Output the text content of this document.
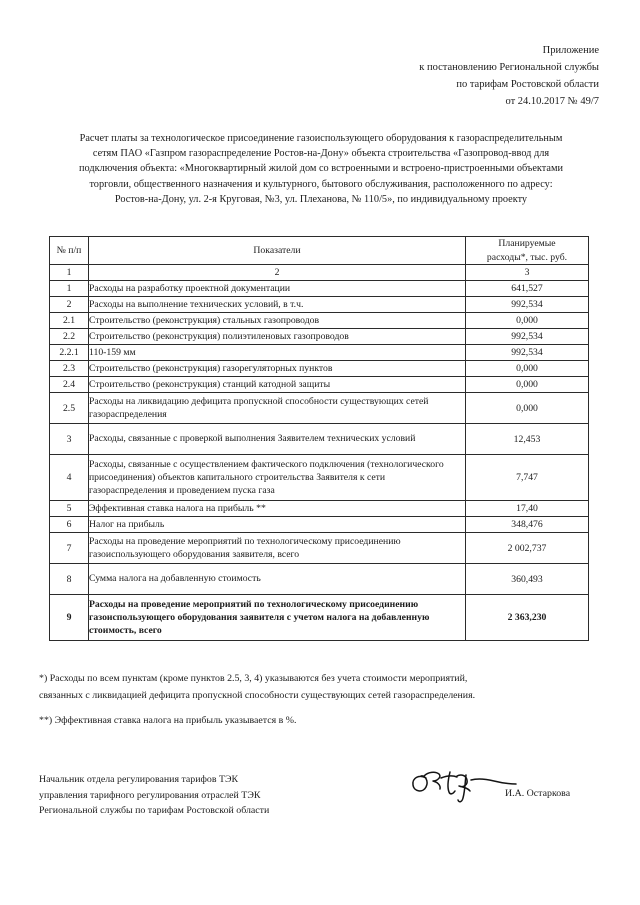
Приложение
к постановлению Региональной службы
по тарифам Ростовской области
от 24.10.2017 № 49/7

Расчет платы за технологическое присоединение газоиспользующего оборудования к газораспределительным

сетям ПАО «Газпром газораспределение Ростов-на-Дону» объекта строительства «Газопровод-ввод для

подключения объекта: «Многоквартирный жилой дом со встроенными и встроено-пристроенными объектами

торговли, общественного назначения и культурного, бытового обслуживания, расположенного по адресу:

Ростов-на-Дону, ул. 2-я Круговая, №3, ул. Плеханова, № 110/5», по индивидуальному проекту

№ п/п	Показатели	Планируемые
расходы*, тыс. руб.
1	2	3
1	Расходы на разработку проектной документации	641,527
2	Расходы на выполнение технических условий, в т.ч.	992,534
2.1	Строительство (реконструкция) стальных газопроводов	0,000
2.2	Строительство (реконструкция) полиэтиленовых газопроводов	992,534
2.2.1	110-159 мм	992,534
2.3	Строительство (реконструкция) газорегуляторных пунктов	0,000
2.4	Строительство (реконструкция) станций катодной защиты	0,000
2.5	Расходы на ликвидацию дефицита пропускной способности существующих сетей газораспределения	0,000
3	Расходы, связанные с проверкой выполнения Заявителем технических условий	12,453
4	Расходы, связанные с осуществлением фактического подключения (технологического присоединения) объектов капитального строительства Заявителя к сети газораспределения и проведением пуска газа	7,747
5	Эффективная ставка налога на прибыль **	17,40
6	Налог на прибыль	348,476
7	Расходы на проведение мероприятий по технологическому присоединению газоиспользующего оборудования заявителя, всего	2 002,737
8	Сумма налога на добавленную стоимость	360,493
9	Расходы на проведение мероприятий по технологическому присоединению газоиспользующего оборудования заявителя с учетом налога на добавленную стоимость, всего	2 363,230

*) Расходы по всем пунктам (кроме пунктов 2.5, 3, 4) указываются без учета стоимости мероприятий,

связанных с ликвидацией дефицита пропускной способности существующих сетей газораспределения.

**) Эффективная ставка налога на прибыль указывается в %.

Начальник отдела регулирования тарифов ТЭК
управления тарифного регулирования отраслей ТЭК
Региональной службы по тарифам Ростовской области
И.А. Остаркова
